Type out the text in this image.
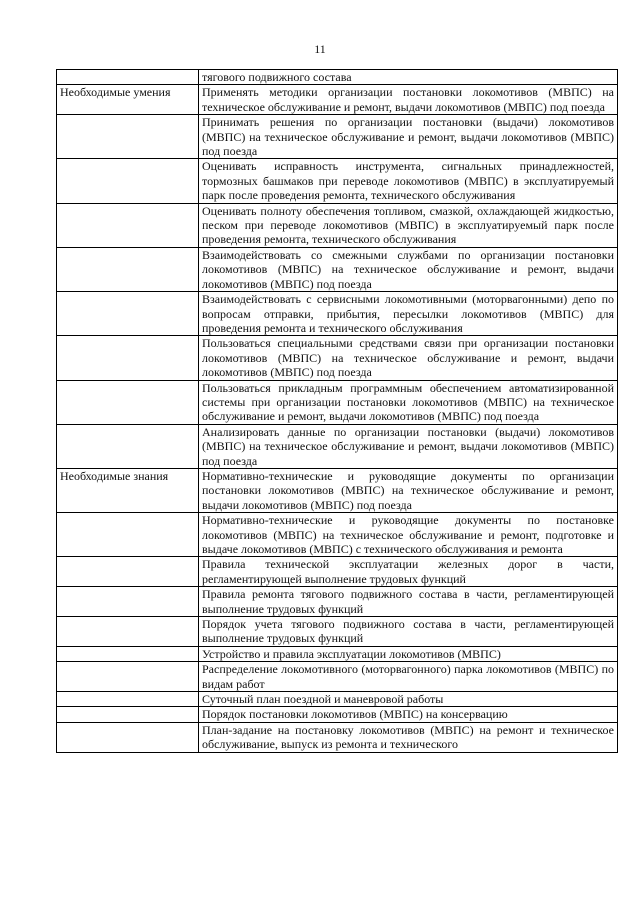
11
	тягового подвижного состава
Необходимые умения	Применять методики организации постановки локомотивов (МВПС) на техническое обслуживание и ремонт, выдачи локомотивов (МВПС) под поезда
	Принимать решения по организации постановки (выдачи) локомотивов (МВПС) на техническое обслуживание и ремонт, выдачи локомотивов (МВПС) под поезда
	Оценивать исправность инструмента, сигнальных принадлежностей, тормозных башмаков при переводе локомотивов (МВПС) в эксплуатируемый парк после проведения ремонта, технического обслуживания
	Оценивать полноту обеспечения топливом, смазкой, охлаждающей жидкостью, песком при переводе локомотивов (МВПС) в эксплуатируемый парк после проведения ремонта, технического обслуживания
	Взаимодействовать со смежными службами по организации постановки локомотивов (МВПС) на техническое обслуживание и ремонт, выдачи локомотивов (МВПС) под поезда
	Взаимодействовать с сервисными локомотивными (моторвагонными) депо по вопросам отправки, прибытия, пересылки локомотивов (МВПС) для проведения ремонта и технического обслуживания
	Пользоваться специальными средствами связи при организации постановки локомотивов (МВПС) на техническое обслуживание и ремонт, выдачи локомотивов (МВПС) под поезда
	Пользоваться прикладным программным обеспечением автоматизированной системы при организации постановки локомотивов (МВПС) на техническое обслуживание и ремонт, выдачи локомотивов (МВПС) под поезда
	Анализировать данные по организации постановки (выдачи) локомотивов (МВПС) на техническое обслуживание и ремонт, выдачи локомотивов (МВПС) под поезда
Необходимые знания	Нормативно-технические и руководящие документы по организации постановки локомотивов (МВПС) на техническое обслуживание и ремонт, выдачи локомотивов (МВПС) под поезда
	Нормативно-технические и руководящие документы по постановке локомотивов (МВПС) на техническое обслуживание и ремонт, подготовке и выдаче локомотивов (МВПС) с технического обслуживания и ремонта
	Правила технической эксплуатации железных дорог в части, регламентирующей выполнение трудовых функций
	Правила ремонта тягового подвижного состава в части, регламентирующей выполнение трудовых функций
	Порядок учета тягового подвижного состава в части, регламентирующей выполнение трудовых функций
	Устройство и правила эксплуатации локомотивов (МВПС)
	Распределение локомотивного (моторвагонного) парка локомотивов (МВПС) по видам работ
	Суточный план поездной и маневровой работы
	Порядок постановки локомотивов (МВПС) на консервацию
	План-задание на постановку локомотивов (МВПС) на ремонт и техническое обслуживание, выпуск из ремонта и технического
